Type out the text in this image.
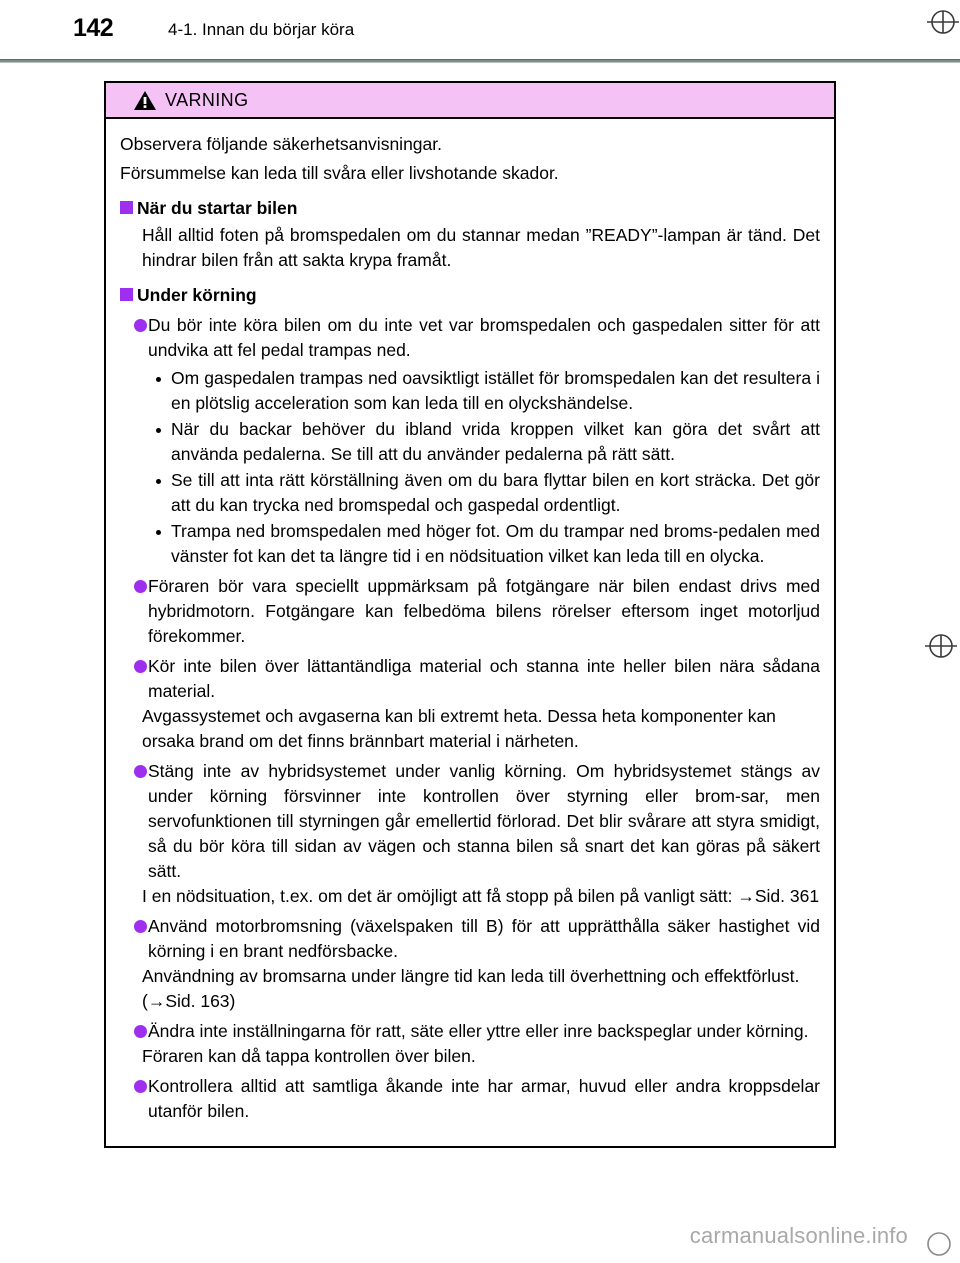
142	4-1. Innan du börjar köra
VARNING

Observera följande säkerhetsanvisningar.

Försummelse kan leda till svåra eller livshotande skador.

När du startar bilen

Håll alltid foten på bromspedalen om du stannar medan ”READY”-lampan är tänd. Det hindrar bilen från att sakta krypa framåt.

Under körning
Du bör inte köra bilen om du inte vet var bromspedalen och gaspedalen sitter för att undvika att fel pedal trampas ned.
Om gaspedalen trampas ned oavsiktligt istället för bromspedalen kan det resultera i en plötslig acceleration som kan leda till en olyckshändelse.
När du backar behöver du ibland vrida kroppen vilket kan göra det svårt att använda pedalerna. Se till att du använder pedalerna på rätt sätt.
Se till att inta rätt körställning även om du bara flyttar bilen en kort sträcka. Det gör att du kan trycka ned bromspedal och gaspedal ordentligt.
Trampa ned bromspedalen med höger fot. Om du trampar ned broms-pedalen med vänster fot kan det ta längre tid i en nödsituation vilket kan leda till en olycka.
Föraren bör vara speciellt uppmärksam på fotgängare när bilen endast drivs med hybridmotorn. Fotgängare kan felbedöma bilens rörelser eftersom inget motorljud förekommer.
Kör inte bilen över lättantändliga material och stanna inte heller bilen nära sådana material.

Avgassystemet och avgaserna kan bli extremt heta. Dessa heta komponenter kan orsaka brand om det finns brännbart material i närheten.

Stäng inte av hybridsystemet under vanlig körning. Om hybridsystemet stängs av under körning försvinner inte kontrollen över styrning eller brom-sar, men servofunktionen till styrningen går emellertid förlorad. Det blir svårare att styra smidigt, så du bör köra till sidan av vägen och stanna bilen så snart det kan göras på säkert sätt.

I en nödsituation, t.ex. om det är omöjligt att få stopp på bilen på vanligt sätt: →Sid. 361

Använd motorbromsning (växelspaken till B) för att upprätthålla säker hastighet vid körning i en brant nedförsbacke.

Användning av bromsarna under längre tid kan leda till överhettning och effektförlust. (→Sid. 163)

Ändra inte inställningarna för ratt, säte eller yttre eller inre backspeglar under körning.

Föraren kan då tappa kontrollen över bilen.

Kontrollera alltid att samtliga åkande inte har armar, huvud eller andra kroppsdelar utanför bilen.
carmanualsonline.info
